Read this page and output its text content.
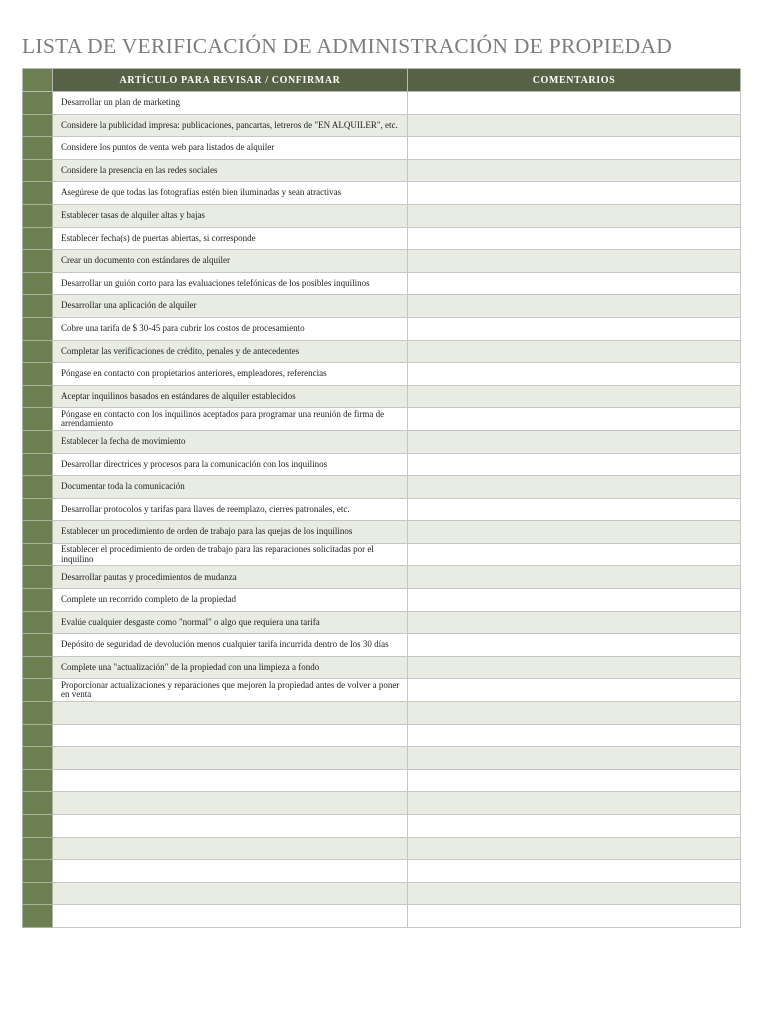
LISTA DE VERIFICACIÓN DE ADMINISTRACIÓN DE PROPIEDAD
	ARTÍCULO PARA REVISAR / CONFIRMAR	COMENTARIOS
	Desarrollar un plan de marketing	
	Considere la publicidad impresa: publicaciones, pancartas, letreros de "EN ALQUILER", etc.	
	Considere los puntos de venta web para listados de alquiler	
	Considere la presencia en las redes sociales	
	Asegúrese de que todas las fotografías estén bien iluminadas y sean atractivas	
	Establecer tasas de alquiler altas y bajas	
	Establecer fecha(s) de puertas abiertas, si corresponde	
	Crear un documento con estándares de alquiler	
	Desarrollar un guión corto para las evaluaciones telefónicas de los posibles inquilinos	
	Desarrollar una aplicación de alquiler	
	Cobre una tarifa de $ 30-45 para cubrir los costos de procesamiento	
	Completar las verificaciones de crédito, penales y de antecedentes	
	Póngase en contacto con propietarios anteriores, empleadores, referencias	
	Aceptar inquilinos basados en estándares de alquiler establecidos	
	Póngase en contacto con los inquilinos aceptados para programar una reunión de firma de arrendamiento	
	Establecer la fecha de movimiento	
	Desarrollar directrices y procesos para la comunicación con los inquilinos	
	Documentar toda la comunicación	
	Desarrollar protocolos y tarifas para llaves de reemplazo, cierres patronales, etc.	
	Establecer un procedimiento de orden de trabajo para las quejas de los inquilinos	
	Establecer el procedimiento de orden de trabajo para las reparaciones solicitadas por el inquilino	
	Desarrollar pautas y procedimientos de mudanza	
	Complete un recorrido completo de la propiedad	
	Evalúe cualquier desgaste como "normal" o algo que requiera una tarifa	
	Depósito de seguridad de devolución menos cualquier tarifa incurrida dentro de los 30 días	
	Complete una "actualización" de la propiedad con una limpieza a fondo	
	Proporcionar actualizaciones y reparaciones que mejoren la propiedad antes de volver a poner en venta	
